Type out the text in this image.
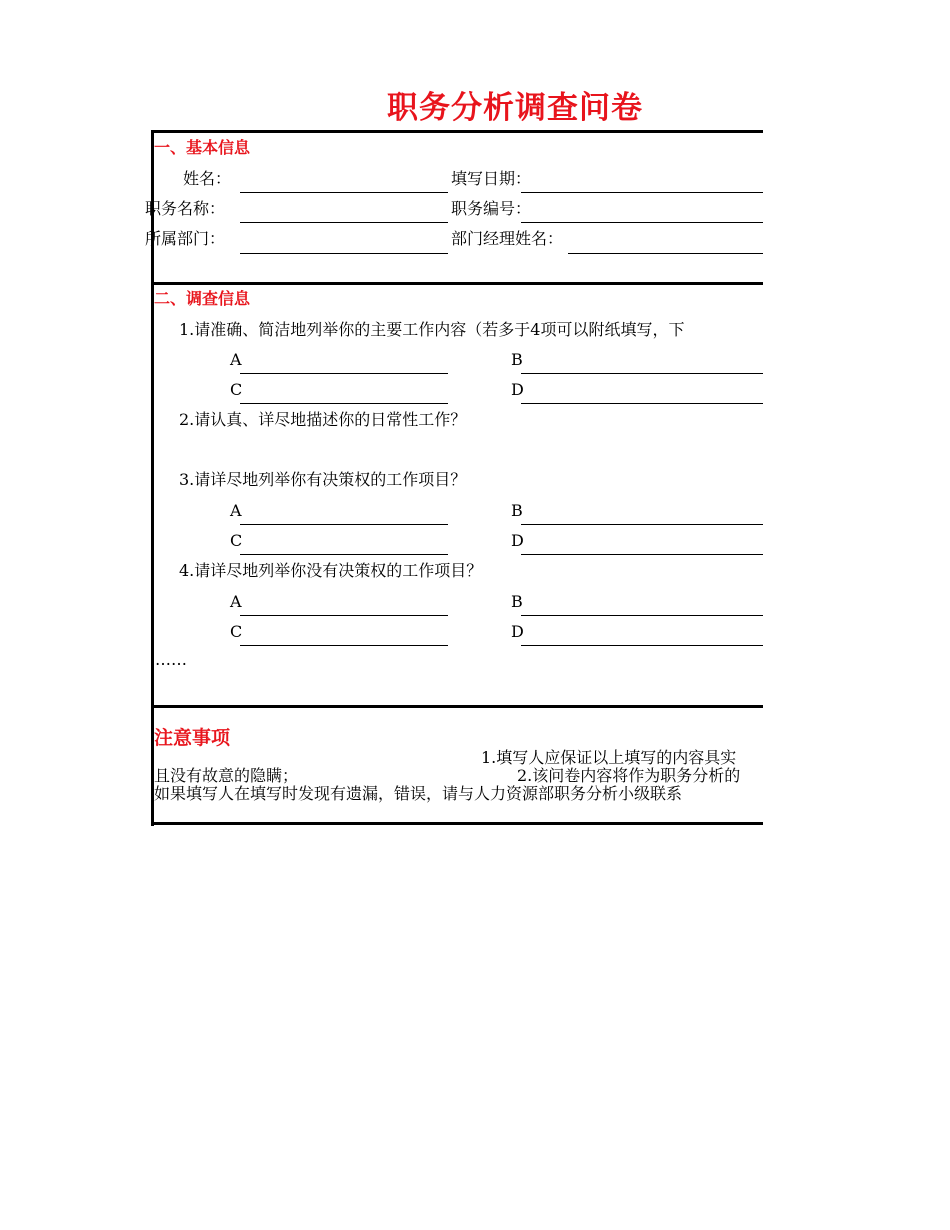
职务分析调查问卷
一、基本信息
姓名：	填写日期：
职务名称：	职务编号：
所属部门：	部门经理姓名：
二、调查信息
1.请准确、简洁地列举你的主要工作内容（若多于4项可以附纸填写，下
A	B
C	D
2.请认真、详尽地描述你的日常性工作？
3.请详尽地列举你有决策权的工作项目？
A	B
C	D
4.请详尽地列举你没有决策权的工作项目？
A	B
C	D
……
注意事项
1.填写人应保证以上填写的内容具实
且没有故意的隐瞒；	2.该问卷内容将作为职务分析的
如果填写人在填写时发现有遗漏，错误，请与人力资源部职务分析小级联系
